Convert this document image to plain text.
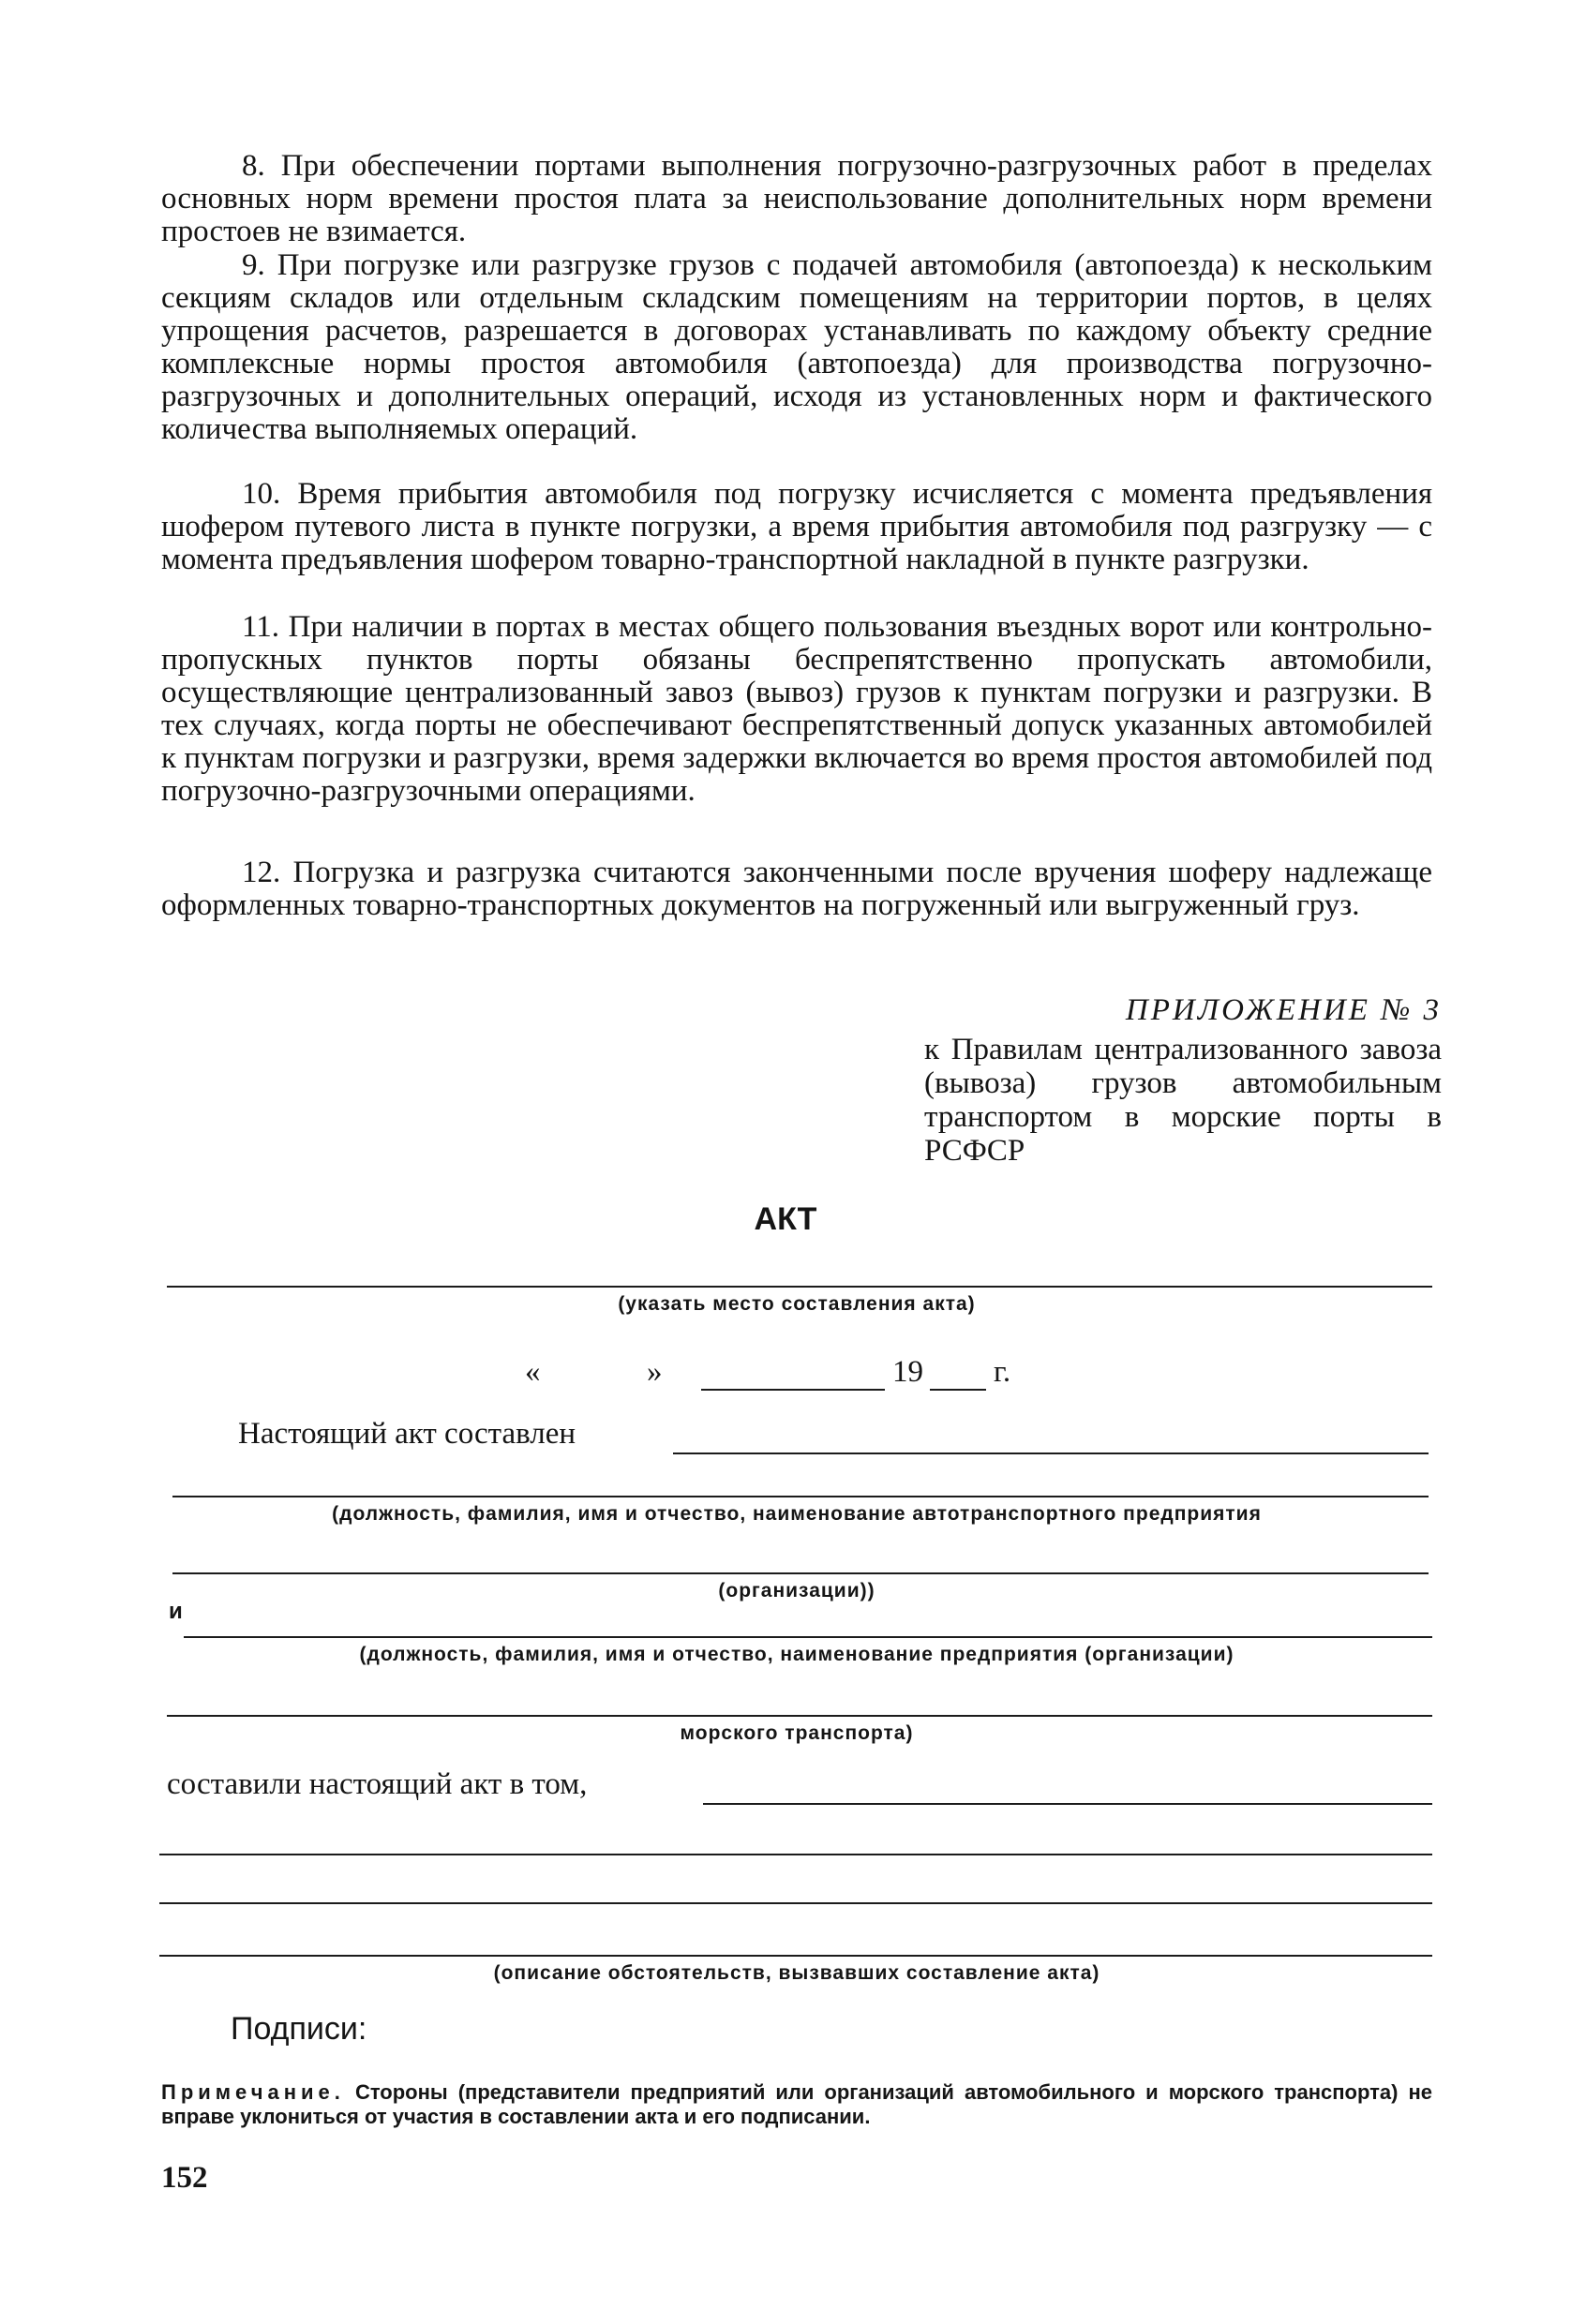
8. При обеспечении портами выполнения погрузочно-разгрузочных работ в пределах основных норм времени простоя плата за неиспользование дополнительных норм времени простоев не взимается.

9. При погрузке или разгрузке грузов с подачей автомобиля (автопоезда) к нескольким секциям складов или отдельным складским помещениям на территории портов, в целях упрощения расчетов, разрешается в договорах устанавливать по каждому объекту средние комплексные нормы простоя автомобиля (автопоезда) для производства погрузочно-разгрузочных и дополнительных операций, исходя из установленных норм и фактического количества выполняемых операций.

10. Время прибытия автомобиля под погрузку исчисляется с момента предъявления шофером путевого листа в пункте погрузки, а время прибытия автомобиля под разгрузку — с момента предъявления шофером товарно-транспортной накладной в пункте разгрузки.

11. При наличии в портах в местах общего пользования въездных ворот или контрольно-пропускных пунктов порты обязаны беспрепятственно пропускать автомобили, осуществляющие централизованный завоз (вывоз) грузов к пунктам погрузки и разгрузки. В тех случаях, когда порты не обеспечивают беспрепятственный допуск указанных автомобилей к пунктам погрузки и разгрузки, время задержки включается во время простоя автомобилей под погрузочно-разгрузочными операциями.

12. Погрузка и разгрузка считаются законченными после вручения шоферу надлежаще оформленных товарно-транспортных документов на погруженный или выгруженный груз.

ПРИЛОЖЕНИЕ № 3

к Правилам централизованного завоза (вывоза) грузов автомобильным транспортом в морские порты в РСФСР

АКТ

(указать место составления акта)

«	»	19 г.
Настоящий акт составлен

(должность, фамилия, имя и отчество, наименование автотранспортного предприятия

(организации))

и

(должность, фамилия, имя и отчество, наименование предприятия (организации)

морского транспорта)

составили настоящий акт в том,

(описание обстоятельств, вызвавших составление акта)

Подписи:

Примечание. Стороны (представители предприятий или организаций автомобильного и морского транспорта) не вправе уклониться от участия в составлении акта и его подписании.

152
